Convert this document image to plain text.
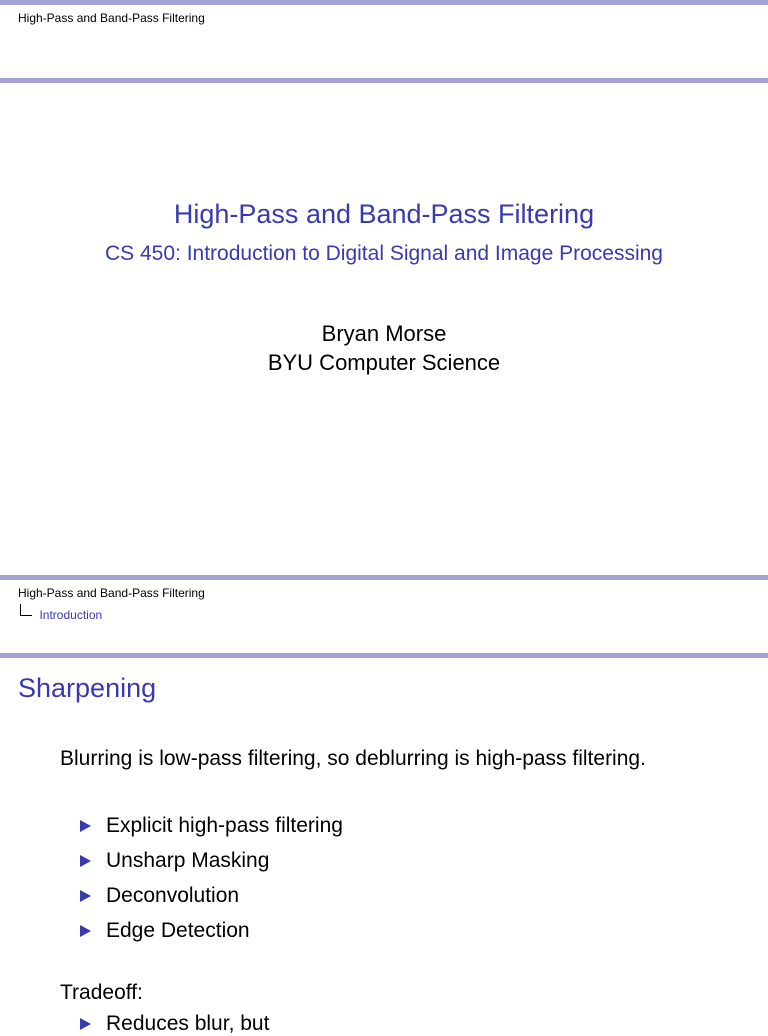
High-Pass and Band-Pass Filtering
High-Pass and Band-Pass Filtering
CS 450: Introduction to Digital Signal and Image Processing
Bryan Morse
BYU Computer Science
High-Pass and Band-Pass Filtering
Introduction
Sharpening
Blurring is low-pass filtering, so deblurring is high-pass filtering.
Explicit high-pass filtering
Unsharp Masking
Deconvolution
Edge Detection
Tradeoff:
Reduces blur, but
